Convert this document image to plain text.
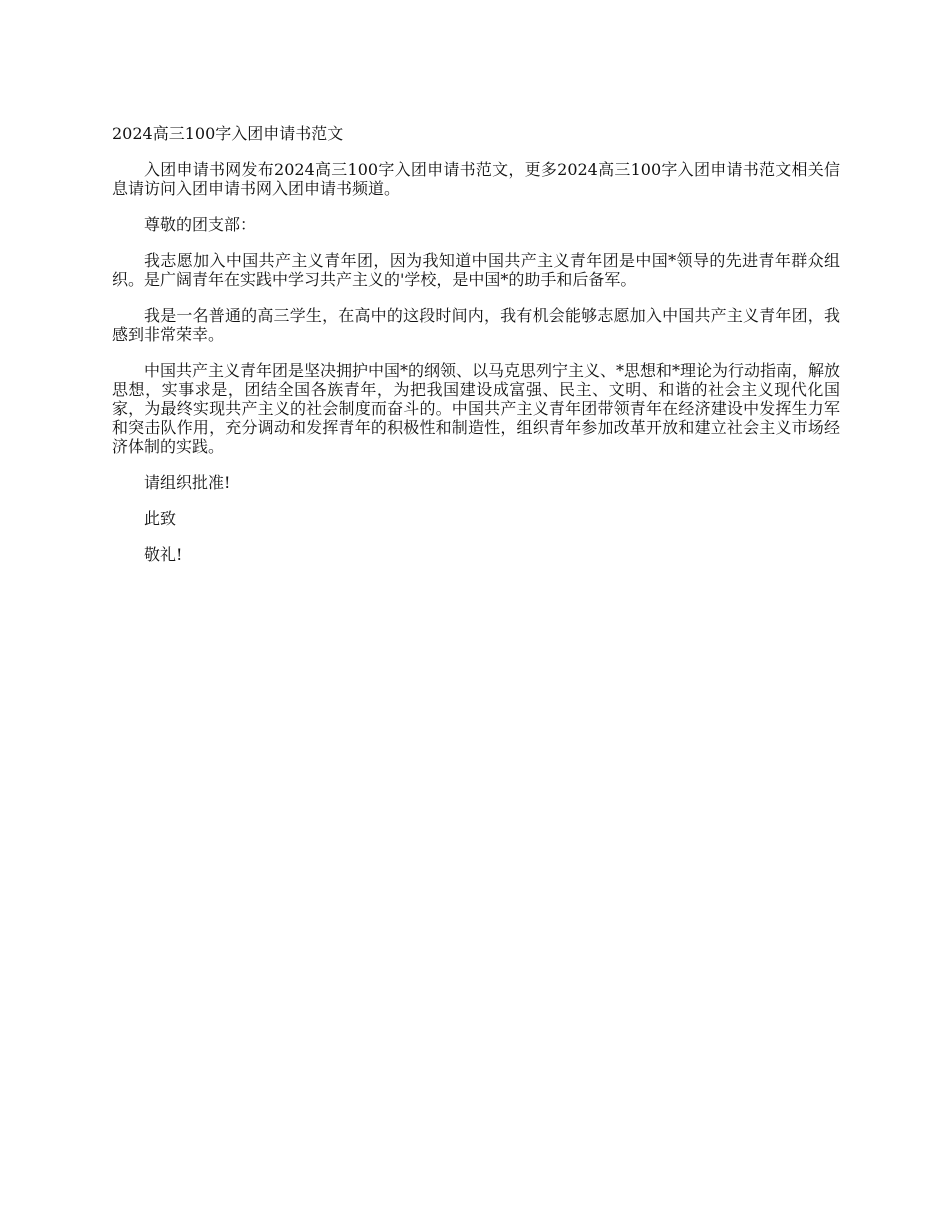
2024高三100字入团申请书范文

入团申请书网发布2024高三100字入团申请书范文，更多2024高三100字入团申请书范文相关信息请访问入团申请书网入团申请书频道。

尊敬的团支部：

我志愿加入中国共产主义青年团，因为我知道中国共产主义青年团是中国*领导的先进青年群众组织。是广阔青年在实践中学习共产主义的'学校，是中国*的助手和后备军。

我是一名普通的高三学生，在高中的这段时间内，我有机会能够志愿加入中国共产主义青年团，我感到非常荣幸。

中国共产主义青年团是坚决拥护中国*的纲领、以马克思列宁主义、*思想和*理论为行动指南，解放思想，实事求是，团结全国各族青年，为把我国建设成富强、民主、文明、和谐的社会主义现代化国家，为最终实现共产主义的社会制度而奋斗的。中国共产主义青年团带领青年在经济建设中发挥生力军和突击队作用，充分调动和发挥青年的积极性和制造性，组织青年参加改革开放和建立社会主义市场经济体制的实践。

请组织批准!

此致

敬礼!
